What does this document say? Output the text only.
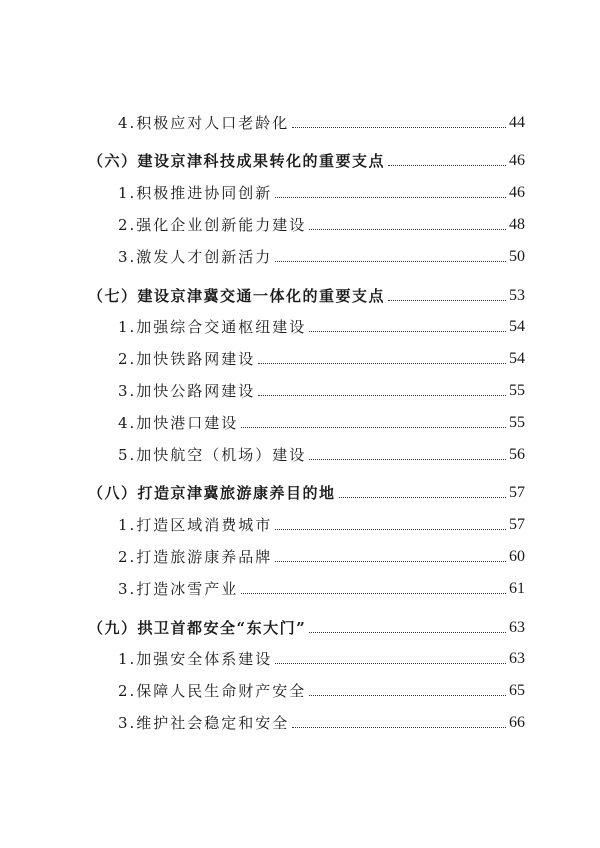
4.积极应对人口老龄化	44
（六）建设京津科技成果转化的重要支点	46
1.积极推进协同创新	46
2.强化企业创新能力建设	48
3.激发人才创新活力	50
（七）建设京津冀交通一体化的重要支点	53
1.加强综合交通枢纽建设	54
2.加快铁路网建设	54
3.加快公路网建设	55
4.加快港口建设	55
5.加快航空（机场）建设	56
（八）打造京津冀旅游康养目的地	57
1.打造区域消费城市	57
2.打造旅游康养品牌	60
3.打造冰雪产业	61
（九）拱卫首都安全“东大门”	63
1.加强安全体系建设	63
2.保障人民生命财产安全	65
3.维护社会稳定和安全	66
